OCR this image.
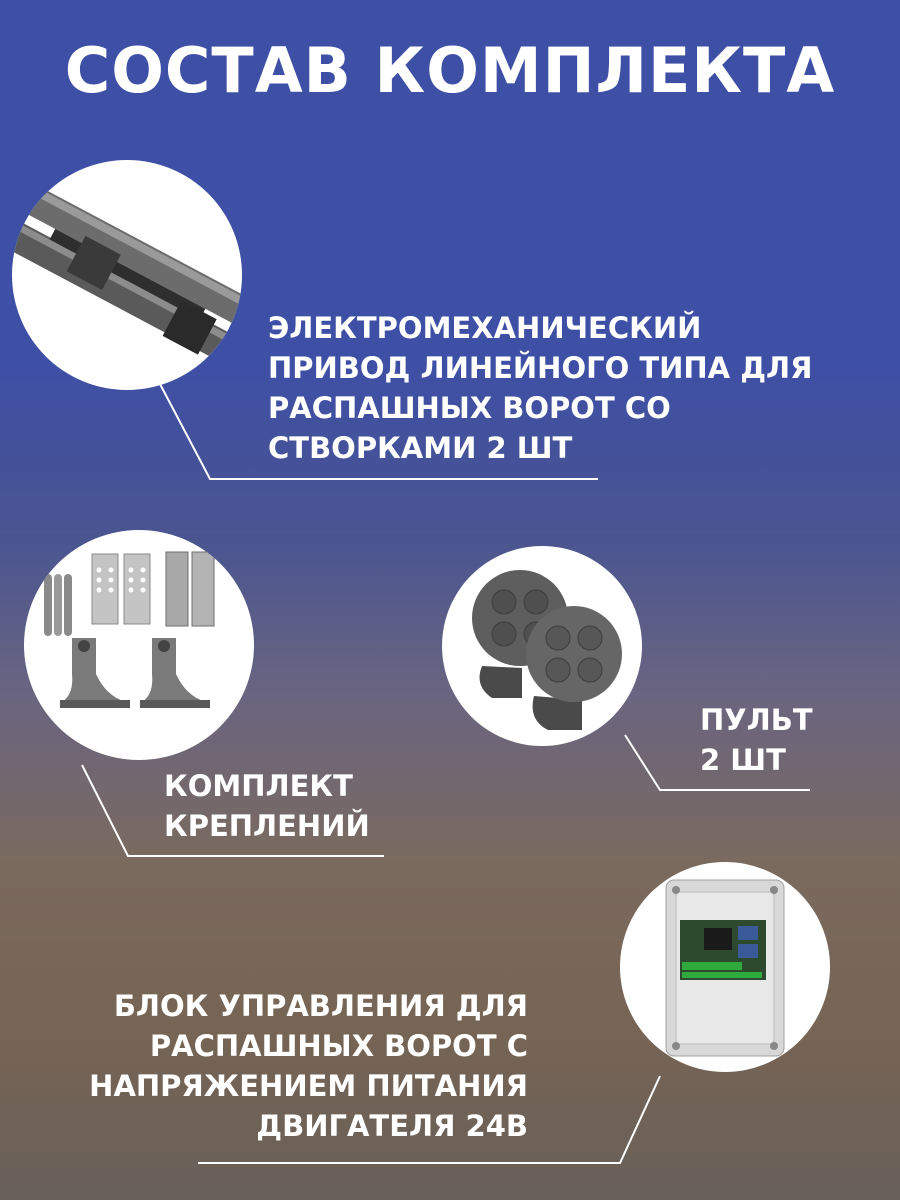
СОСТАВ КОМПЛЕКТА
ЭЛЕКТРОМЕХАНИЧЕСКИЙ
ПРИВОД ЛИНЕЙНОГО ТИПА ДЛЯ
РАСПАШНЫХ ВОРОТ СО
СТВОРКАМИ 2 ШТ
КОМПЛЕКТ
КРЕПЛЕНИЙ
ПУЛЬТ
2 ШТ
БЛОК УПРАВЛЕНИЯ ДЛЯ
РАСПАШНЫХ ВОРОТ С
НАПРЯЖЕНИЕМ ПИТАНИЯ
ДВИГАТЕЛЯ 24В
